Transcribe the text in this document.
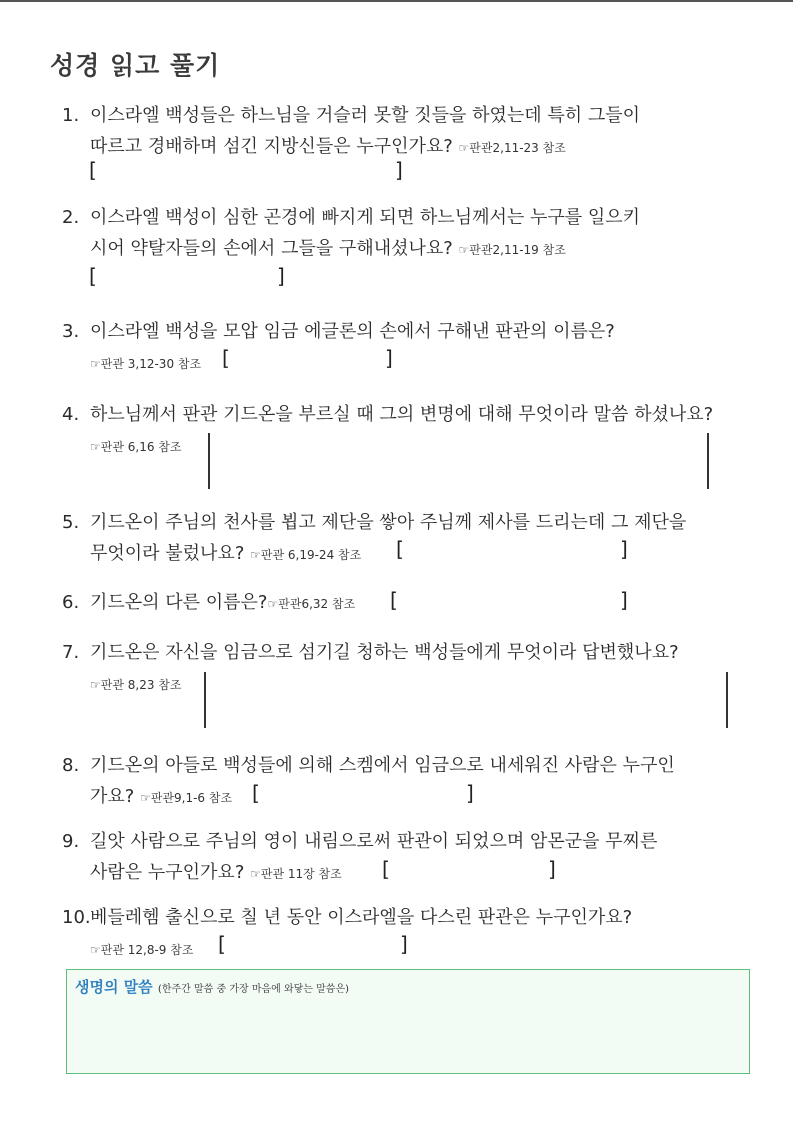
성경 읽고 풀기
1. 이스라엘 백성들은 하느님을 거슬러 못할 짓들을 하였는데 특히 그들이
따르고 경배하며 섬긴 지방신들은 누구인가요? ☞판관2,11-23 참조
[	]
2. 이스라엘 백성이 심한 곤경에 빠지게 되면 하느님께서는 누구를 일으키
시어 약탈자들의 손에서 그들을 구해내셨나요? ☞판관2,11-19 참조
[	]
3. 이스라엘 백성을 모압 임금 에글론의 손에서 구해낸 판관의 이름은?
☞판관 3,12-30 참조	[	]
4. 하느님께서 판관 기드온을 부르실 때 그의 변명에 대해 무엇이라 말씀 하셨나요?
☞판관 6,16 참조
5. 기드온이 주님의 천사를 뵙고 제단을 쌓아 주님께 제사를 드리는데 그 제단을
무엇이라 불렀나요? ☞판관 6,19-24 참조	[	]
6. 기드온의 다른 이름은?☞판관6,32 참조 [	]
7. 기드온은 자신을 임금으로 섬기길 청하는 백성들에게 무엇이라 답변했나요?
☞판관 8,23 참조
8. 기드온의 아들로 백성들에 의해 스켐에서 임금으로 내세워진 사람은 누구인
가요? ☞판관9,1-6 참조 [	]
9. 길앗 사람으로 주님의 영이 내림으로써 판관이 되었으며 암몬군을 무찌른
사람은 누구인가요? ☞판관 11장 참조	[	]
10.베들레헴 출신으로 칠 년 동안 이스라엘을 다스린 판관은 누구인가요?
☞판관 12,8-9 참조	[	]
생명의 말씀 (한주간 말씀 중 가장 마음에 와닿는 말씀은)
